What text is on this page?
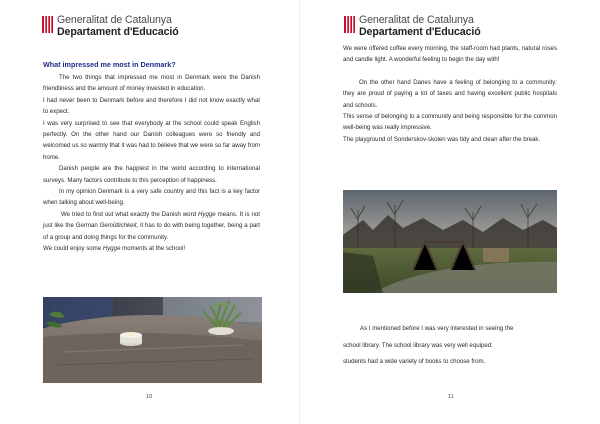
Generalitat de Catalunya
Departament d'Educació
What impressed me most in Denmark?

The two things that impressed me most in Denmark were the Danish friendliness and the amount of money invested in education.

I had never been to Denmark before and therefore I did not know exactly what to expect.

I was very surprised to see that everybody at the school could speak English perfectly. On the other hand our Danish colleagues were so friendly and welcomed us so warmly that it was had to believe that we were so far away from home.

Danish people are the happiest in the world according to international surveys. Many factors contribute to this perception of happiness.

In my opinion Denmark is a very safe country and this fact is a key factor when talking about well-being.

We tried to find out what exactly the Danish word Hygge means. It is not just like the German Gemütlichkeit, it has to do with being together, being a part of a group and doing things for the community.

We could enjoy some Hygge moments at the school!

10
Generalitat de Catalunya
Departament d'Educació

We were offered coffee every morning, the staff-room had plants, natural roses and candle light. A wonderful feeling to begin the day with!

On the other hand Danes have a feeling of belonging to a community: they are proud of paying a lot of taxes and having excellent public hospitals and schools.

This sense of belonging to a community and being responsible for the common well-being was really impressive.

The playground of Sonderskov-skolen was tidy and clean after the break.

As I mentioned before I was very interested in seeing the

school library. The school library was very well equiped:

students had a wide variety of books to choose from.

11
